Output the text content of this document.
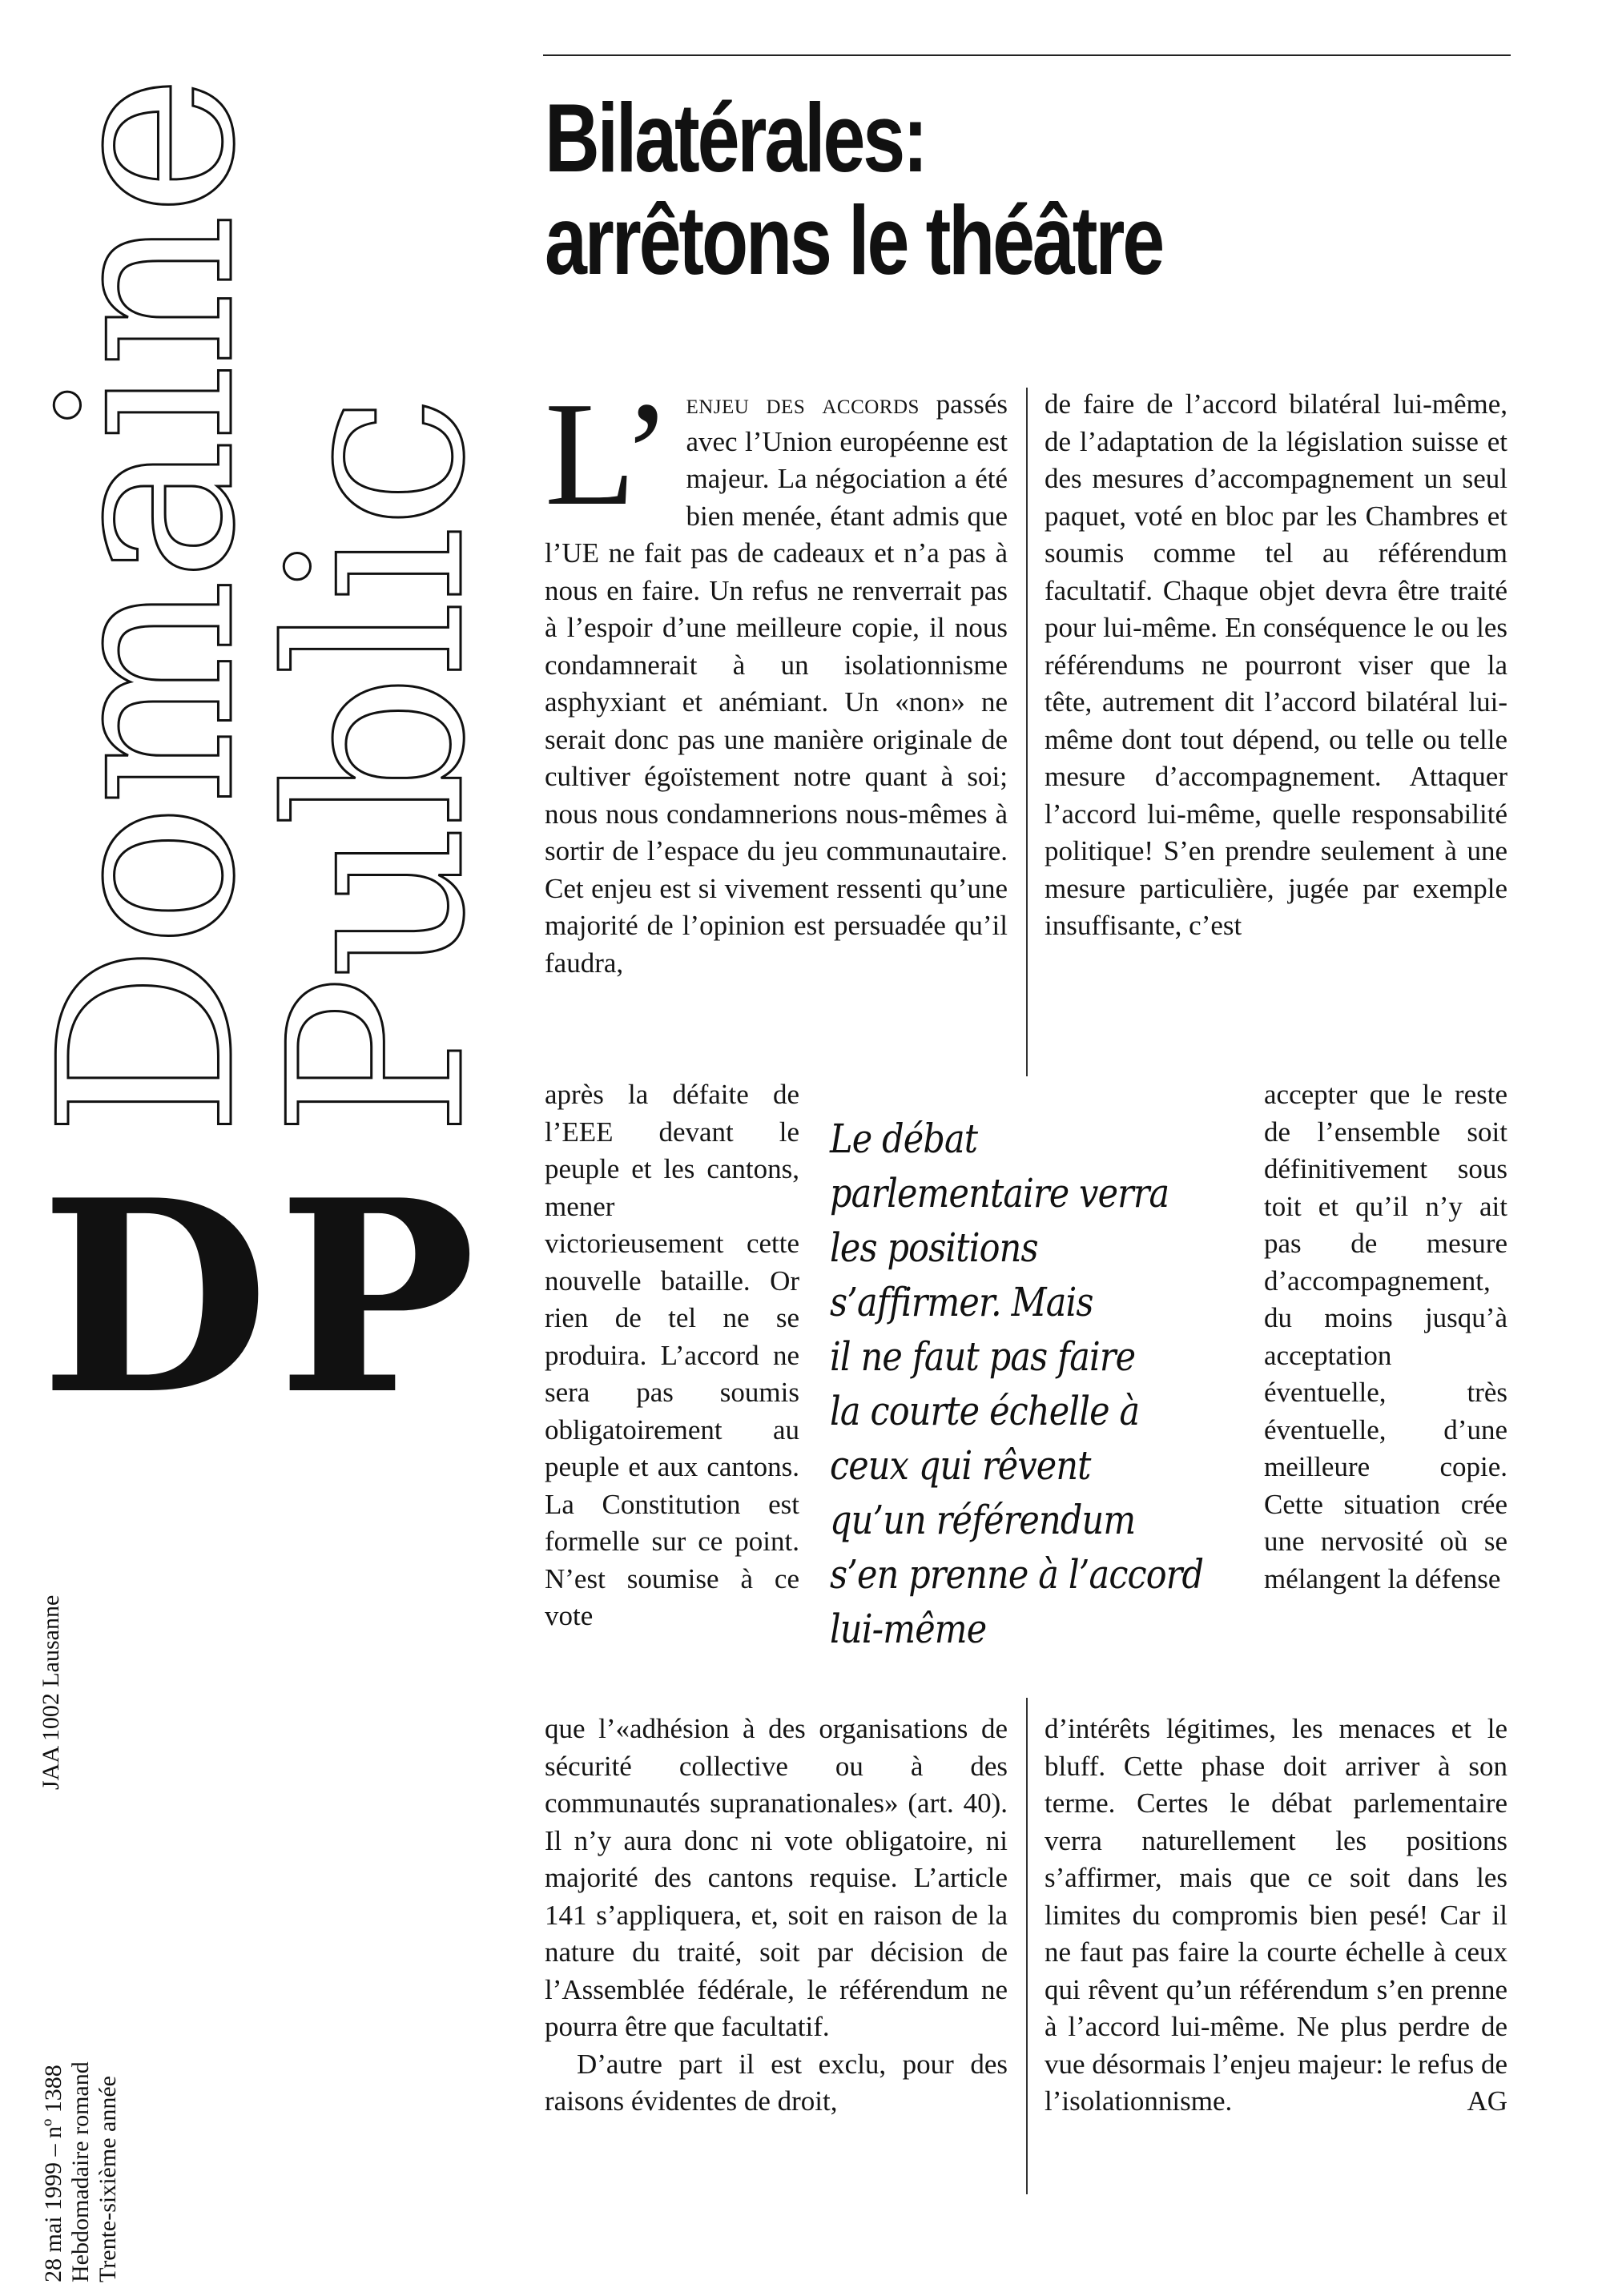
Domaine
Public
DP
JAA 1002 Lausanne
28 mai 1999 – nº 1388 Hebdomadaire romand Trente-sixième année
Bilatérales:
arrêtons le théâtre

L’ enjeu des accords passés avec l’Union européenne est majeur. La négociation a été bien menée, étant admis que l’UE ne fait pas de cadeaux et n’a pas à nous en faire. Un refus ne renverrait pas à l’espoir d’une meilleure copie, il nous condamnerait à un isolationnisme asphyxiant et anémiant. Un «non» ne serait donc pas une manière originale de cultiver égoïstement notre quant à soi; nous nous condamnerions nous-mêmes à sortir de l’espace du jeu communautaire. Cet enjeu est si vivement ressenti qu’une majorité de l’opinion est persuadée qu’il faudra,

après la défaite de l’EEE devant le peuple et les cantons, mener victorieusement cette nouvelle bataille. Or rien de tel ne se produira. L’accord ne sera pas soumis obligatoirement au peuple et aux cantons. La Constitution est formelle sur ce point. N’est soumise à ce vote

que l’«adhésion à des organisations de sécurité collective ou à des communautés supranationales» (art. 40). Il n’y aura donc ni vote obligatoire, ni majorité des cantons requise. L’article 141 s’appliquera, et, soit en raison de la nature du traité, soit par décision de l’Assemblée fédérale, le référendum ne pourra être que facultatif.

D’autre part il est exclu, pour des raisons évidentes de droit,

de faire de l’accord bilatéral lui-même, de l’adaptation de la législation suisse et des mesures d’accompagnement un seul paquet, voté en bloc par les Chambres et soumis comme tel au référendum facultatif. Chaque objet devra être traité pour lui-même. En conséquence le ou les référendums ne pourront viser que la tête, autrement dit l’accord bilatéral lui-même dont tout dépend, ou telle ou telle mesure d’accompagnement. Attaquer l’accord lui-même, quelle responsabilité politique! S’en prendre seulement à une mesure particulière, jugée par exemple insuffisante, c’est

accepter que le reste de l’ensemble soit définitivement sous toit et qu’il n’y ait pas de mesure d’accompagnement, du moins jusqu’à acceptation éventuelle, très éventuelle, d’une meilleure copie. Cette situation crée une nervosité où se mélangent la défense

d’intérêts légitimes, les menaces et le bluff. Cette phase doit arriver à son terme. Certes le débat parlementaire verra naturellement les positions s’affirmer, mais que ce soit dans les limites du compromis bien pesé! Car il ne faut pas faire la courte échelle à ceux qui rêvent qu’un référendum s’en prenne à l’accord lui-même. Ne plus perdre de vue désormais l’enjeu majeur: le refus de l’isolationnisme.	AG

Le débat
parlementaire verra
les positions
s’affirmer. Mais
il ne faut pas faire
la courte échelle à
ceux qui rêvent
qu’un référendum
s’en prenne à l’accord
lui-même
